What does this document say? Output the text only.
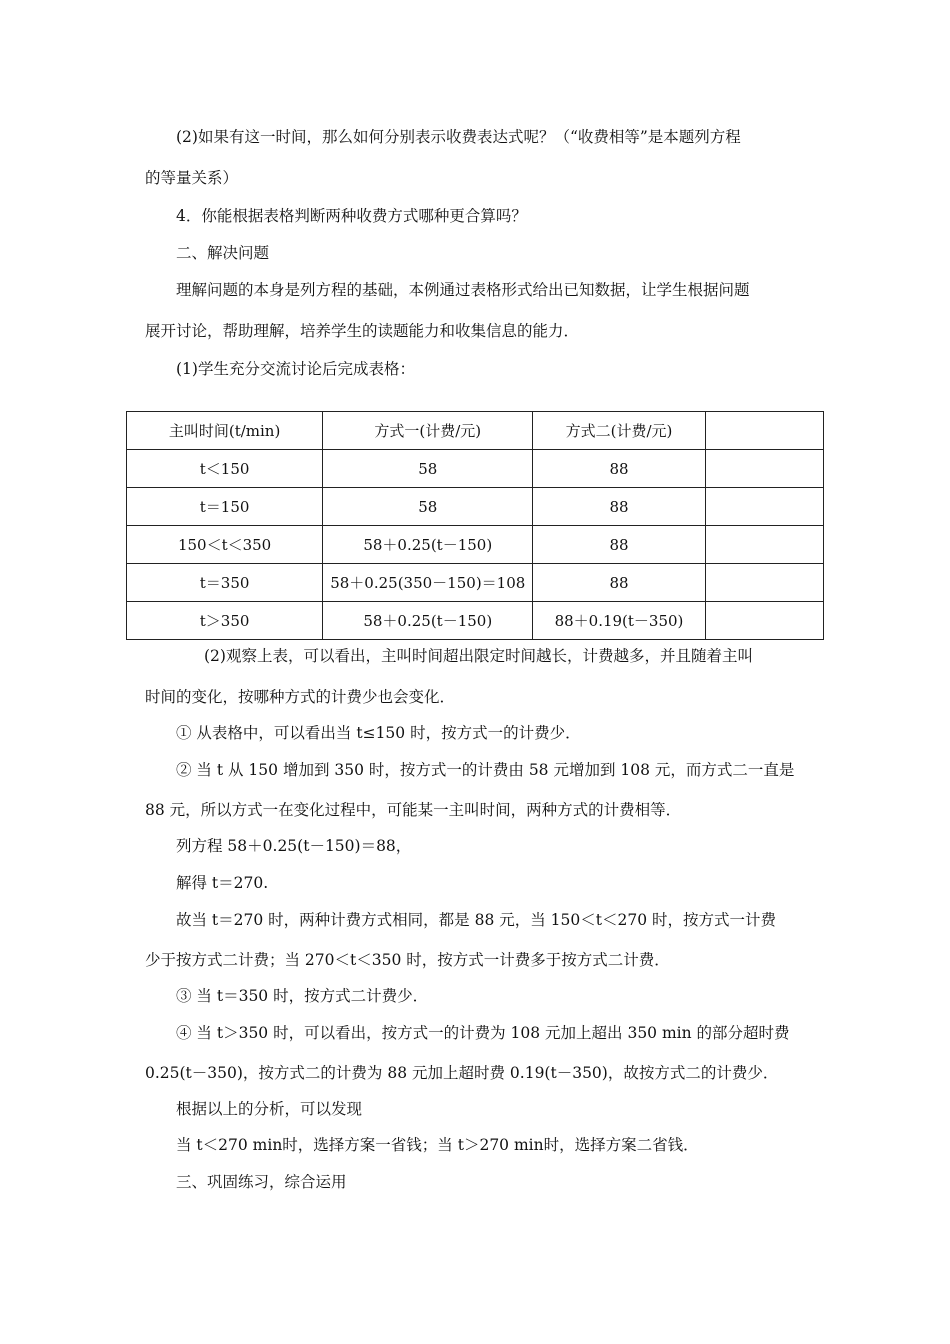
(2)如果有这一时间，那么如何分别表示收费表达式呢？（“收费相等”是本题列方程
的等量关系）
4．你能根据表格判断两种收费方式哪种更合算吗？
二、解决问题
理解问题的本身是列方程的基础，本例通过表格形式给出已知数据，让学生根据问题
展开讨论，帮助理解，培养学生的读题能力和收集信息的能力．
(1)学生充分交流讨论后完成表格：
主叫时间(t/min)	方式一(计费/元)	方式二(计费/元)	
t＜150	58	88	
t＝150	58	88	
150＜t＜350	58＋0.25(t－150)	88	
t＝350	58＋0.25(350－150)＝108	88	
t＞350	58＋0.25(t－150)	88＋0.19(t－350)	
(2)观察上表，可以看出，主叫时间超出限定时间越长，计费越多，并且随着主叫
时间的变化，按哪种方式的计费少也会变化．
① 从表格中，可以看出当 t≤150 时，按方式一的计费少．
② 当 t 从 150 增加到 350 时，按方式一的计费由 58 元增加到 108 元，而方式二一直是
88 元，所以方式一在变化过程中，可能某一主叫时间，两种方式的计费相等．
列方程 58＋0.25(t－150)＝88，
解得 t＝270.
故当 t＝270 时，两种计费方式相同，都是 88 元，当 150＜t＜270 时，按方式一计费
少于按方式二计费；当 270＜t＜350 时，按方式一计费多于按方式二计费．
③ 当 t＝350 时，按方式二计费少．
④ 当 t＞350 时，可以看出，按方式一的计费为 108 元加上超出 350 min 的部分超时费
0.25(t－350)，按方式二的计费为 88 元加上超时费 0.19(t－350)，故按方式二的计费少．
根据以上的分析，可以发现
当 t＜270 min时，选择方案一省钱；当 t＞270 min时，选择方案二省钱．
三、巩固练习，综合运用
